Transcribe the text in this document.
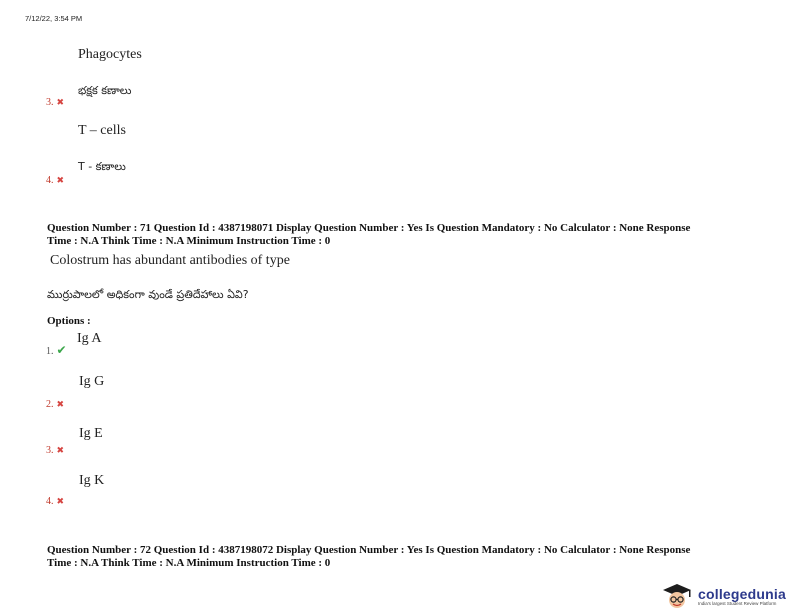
7/12/22, 3:54 PM
Phagocytes
3. ✖
భక్షక కణాలు
T – cells
4. ✖
T - కణాలు
Question Number : 71 Question Id : 4387198071 Display Question Number : Yes Is Question Mandatory : No Calculator : None Response
Time : N.A Think Time : N.A Minimum Instruction Time : 0
Colostrum has abundant antibodies of type
ముర్రుపాలలో అధికంగా వుండే ప్రతిదేహాలు ఏవి?
Options :
1. ✔
Ig A
Ig G
2. ✖
Ig E
3. ✖
Ig K
4. ✖
Question Number : 72 Question Id : 4387198072 Display Question Number : Yes Is Question Mandatory : No Calculator : None Response
Time : N.A Think Time : N.A Minimum Instruction Time : 0
collegedunia
India's largest Student Review Platform
